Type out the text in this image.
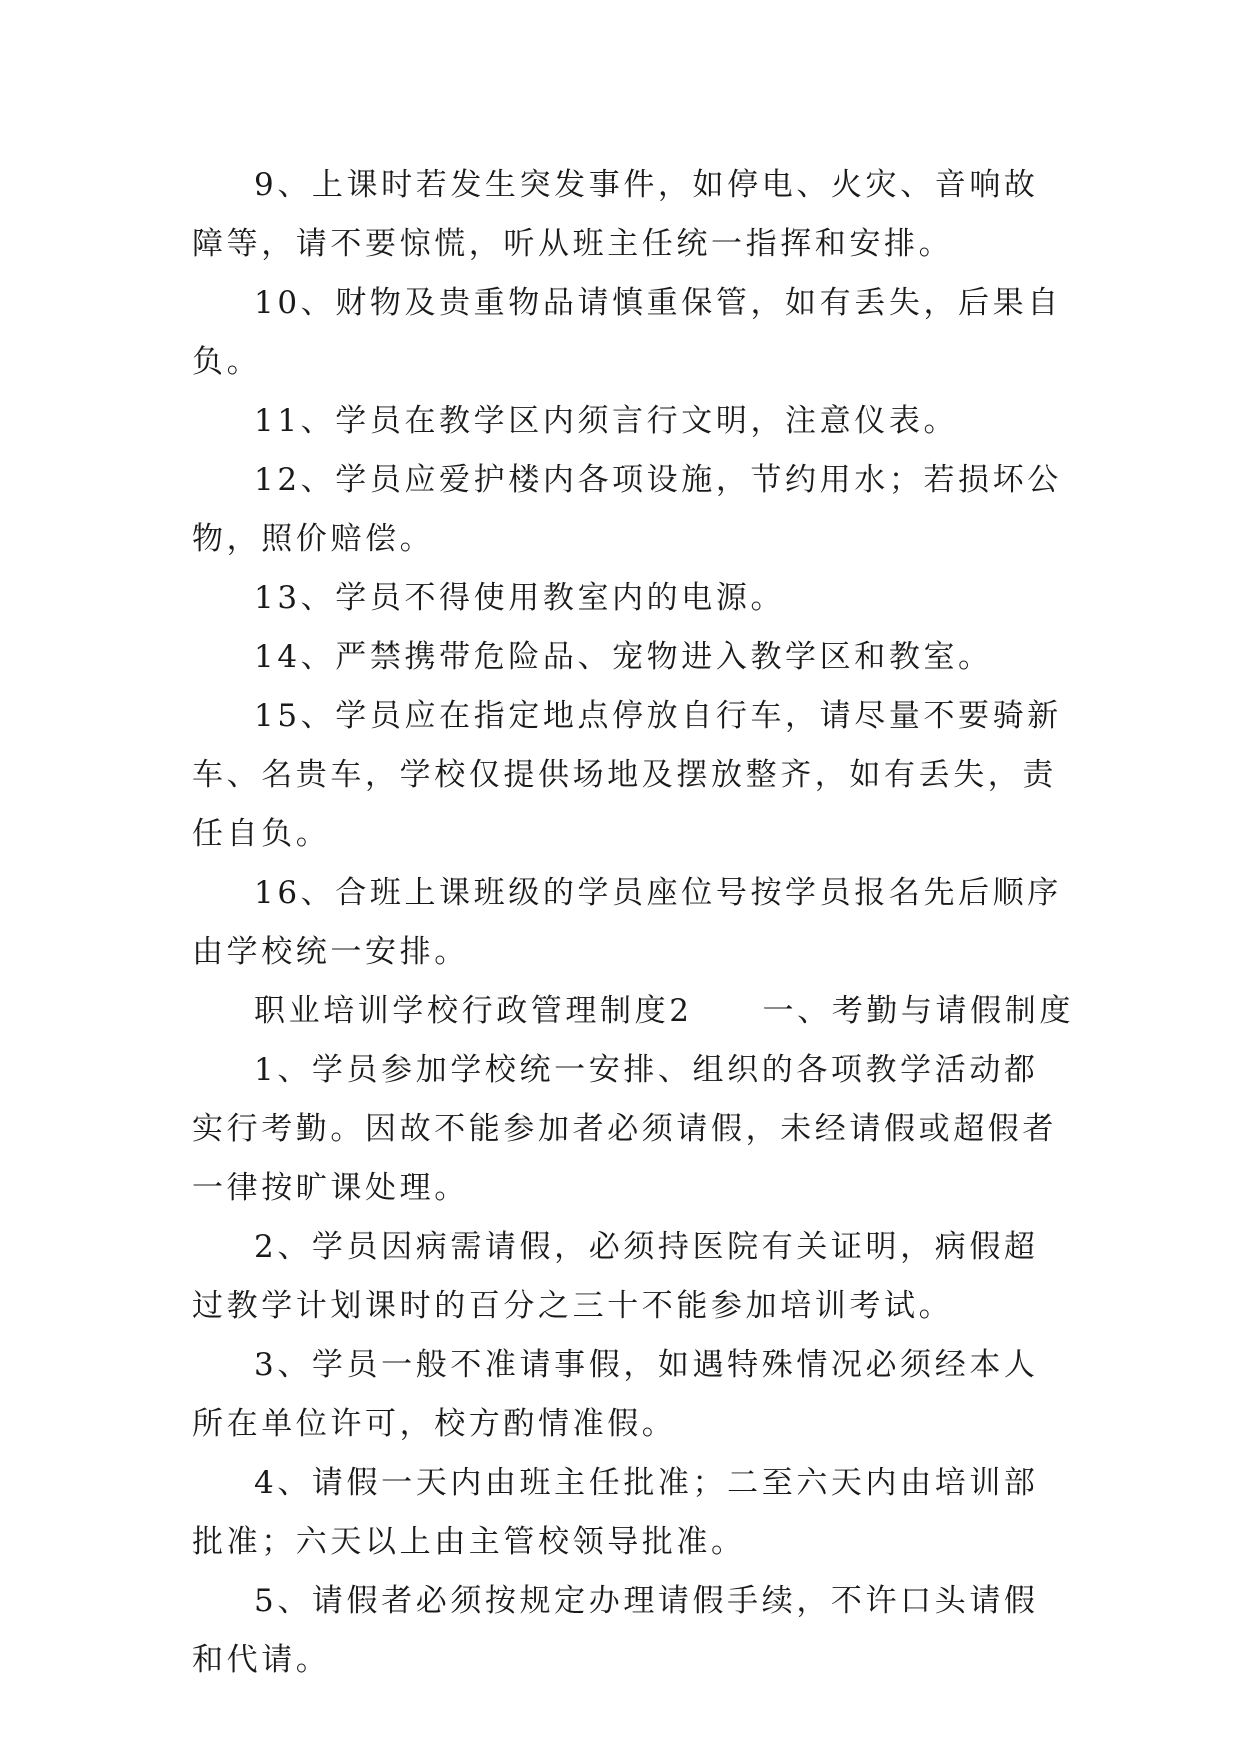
9、上课时若发生突发事件，如停电、火灾、音响故障等，请不要惊慌，听从班主任统一指挥和安排。

10、财物及贵重物品请慎重保管，如有丢失，后果自负。

11、学员在教学区内须言行文明，注意仪表。

12、学员应爱护楼内各项设施，节约用水；若损坏公物，照价赔偿。

13、学员不得使用教室内的电源。

14、严禁携带危险品、宠物进入教学区和教室。

15、学员应在指定地点停放自行车，请尽量不要骑新车、名贵车，学校仅提供场地及摆放整齐，如有丢失，责任自负。

16、合班上课班级的学员座位号按学员报名先后顺序由学校统一安排。

职业培训学校行政管理制度2 一、考勤与请假制度

1、学员参加学校统一安排、组织的各项教学活动都实行考勤。因故不能参加者必须请假，未经请假或超假者一律按旷课处理。

2、学员因病需请假，必须持医院有关证明，病假超过教学计划课时的百分之三十不能参加培训考试。

3、学员一般不准请事假，如遇特殊情况必须经本人所在单位许可，校方酌情准假。

4、请假一天内由班主任批准；二至六天内由培训部批准；六天以上由主管校领导批准。

5、请假者必须按规定办理请假手续，不许口头请假和代请。
